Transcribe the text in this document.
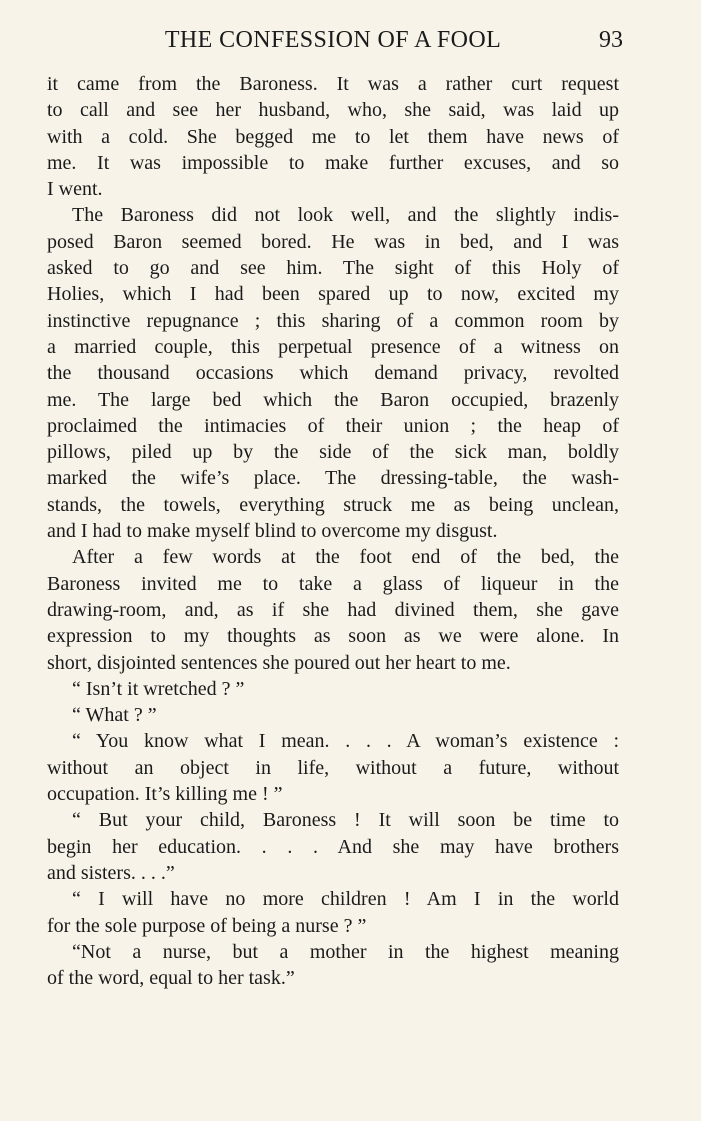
THE CONFESSION OF A FOOL	93
it came from the Baroness. It was a rather curt request
to call and see her husband, who, she said, was laid up
with a cold. She begged me to let them have news of
me. It was impossible to make further excuses, and so
I went.
The Baroness did not look well, and the slightly indis-
posed Baron seemed bored. He was in bed, and I was
asked to go and see him. The sight of this Holy of
Holies, which I had been spared up to now, excited my
instinctive repugnance ; this sharing of a common room by
a married couple, this perpetual presence of a witness on
the thousand occasions which demand privacy, revolted
me. The large bed which the Baron occupied, brazenly
proclaimed the intimacies of their union ; the heap of
pillows, piled up by the side of the sick man, boldly
marked the wife’s place. The dressing-table, the wash-
stands, the towels, everything struck me as being unclean,
and I had to make myself blind to overcome my disgust.
After a few words at the foot end of the bed, the
Baroness invited me to take a glass of liqueur in the
drawing-room, and, as if she had divined them, she gave
expression to my thoughts as soon as we were alone. In
short, disjointed sentences she poured out her heart to me.
“ Isn’t it wretched ? ”
“ What ? ”
“ You know what I mean. . . . A woman’s existence :
without an object in life, without a future, without
occupation. It’s killing me ! ”
“ But your child, Baroness ! It will soon be time to
begin her education. . . . And she may have brothers
and sisters. . . .”
“ I will have no more children ! Am I in the world
for the sole purpose of being a nurse ? ”
“Not a nurse, but a mother in the highest meaning
of the word, equal to her task.”
